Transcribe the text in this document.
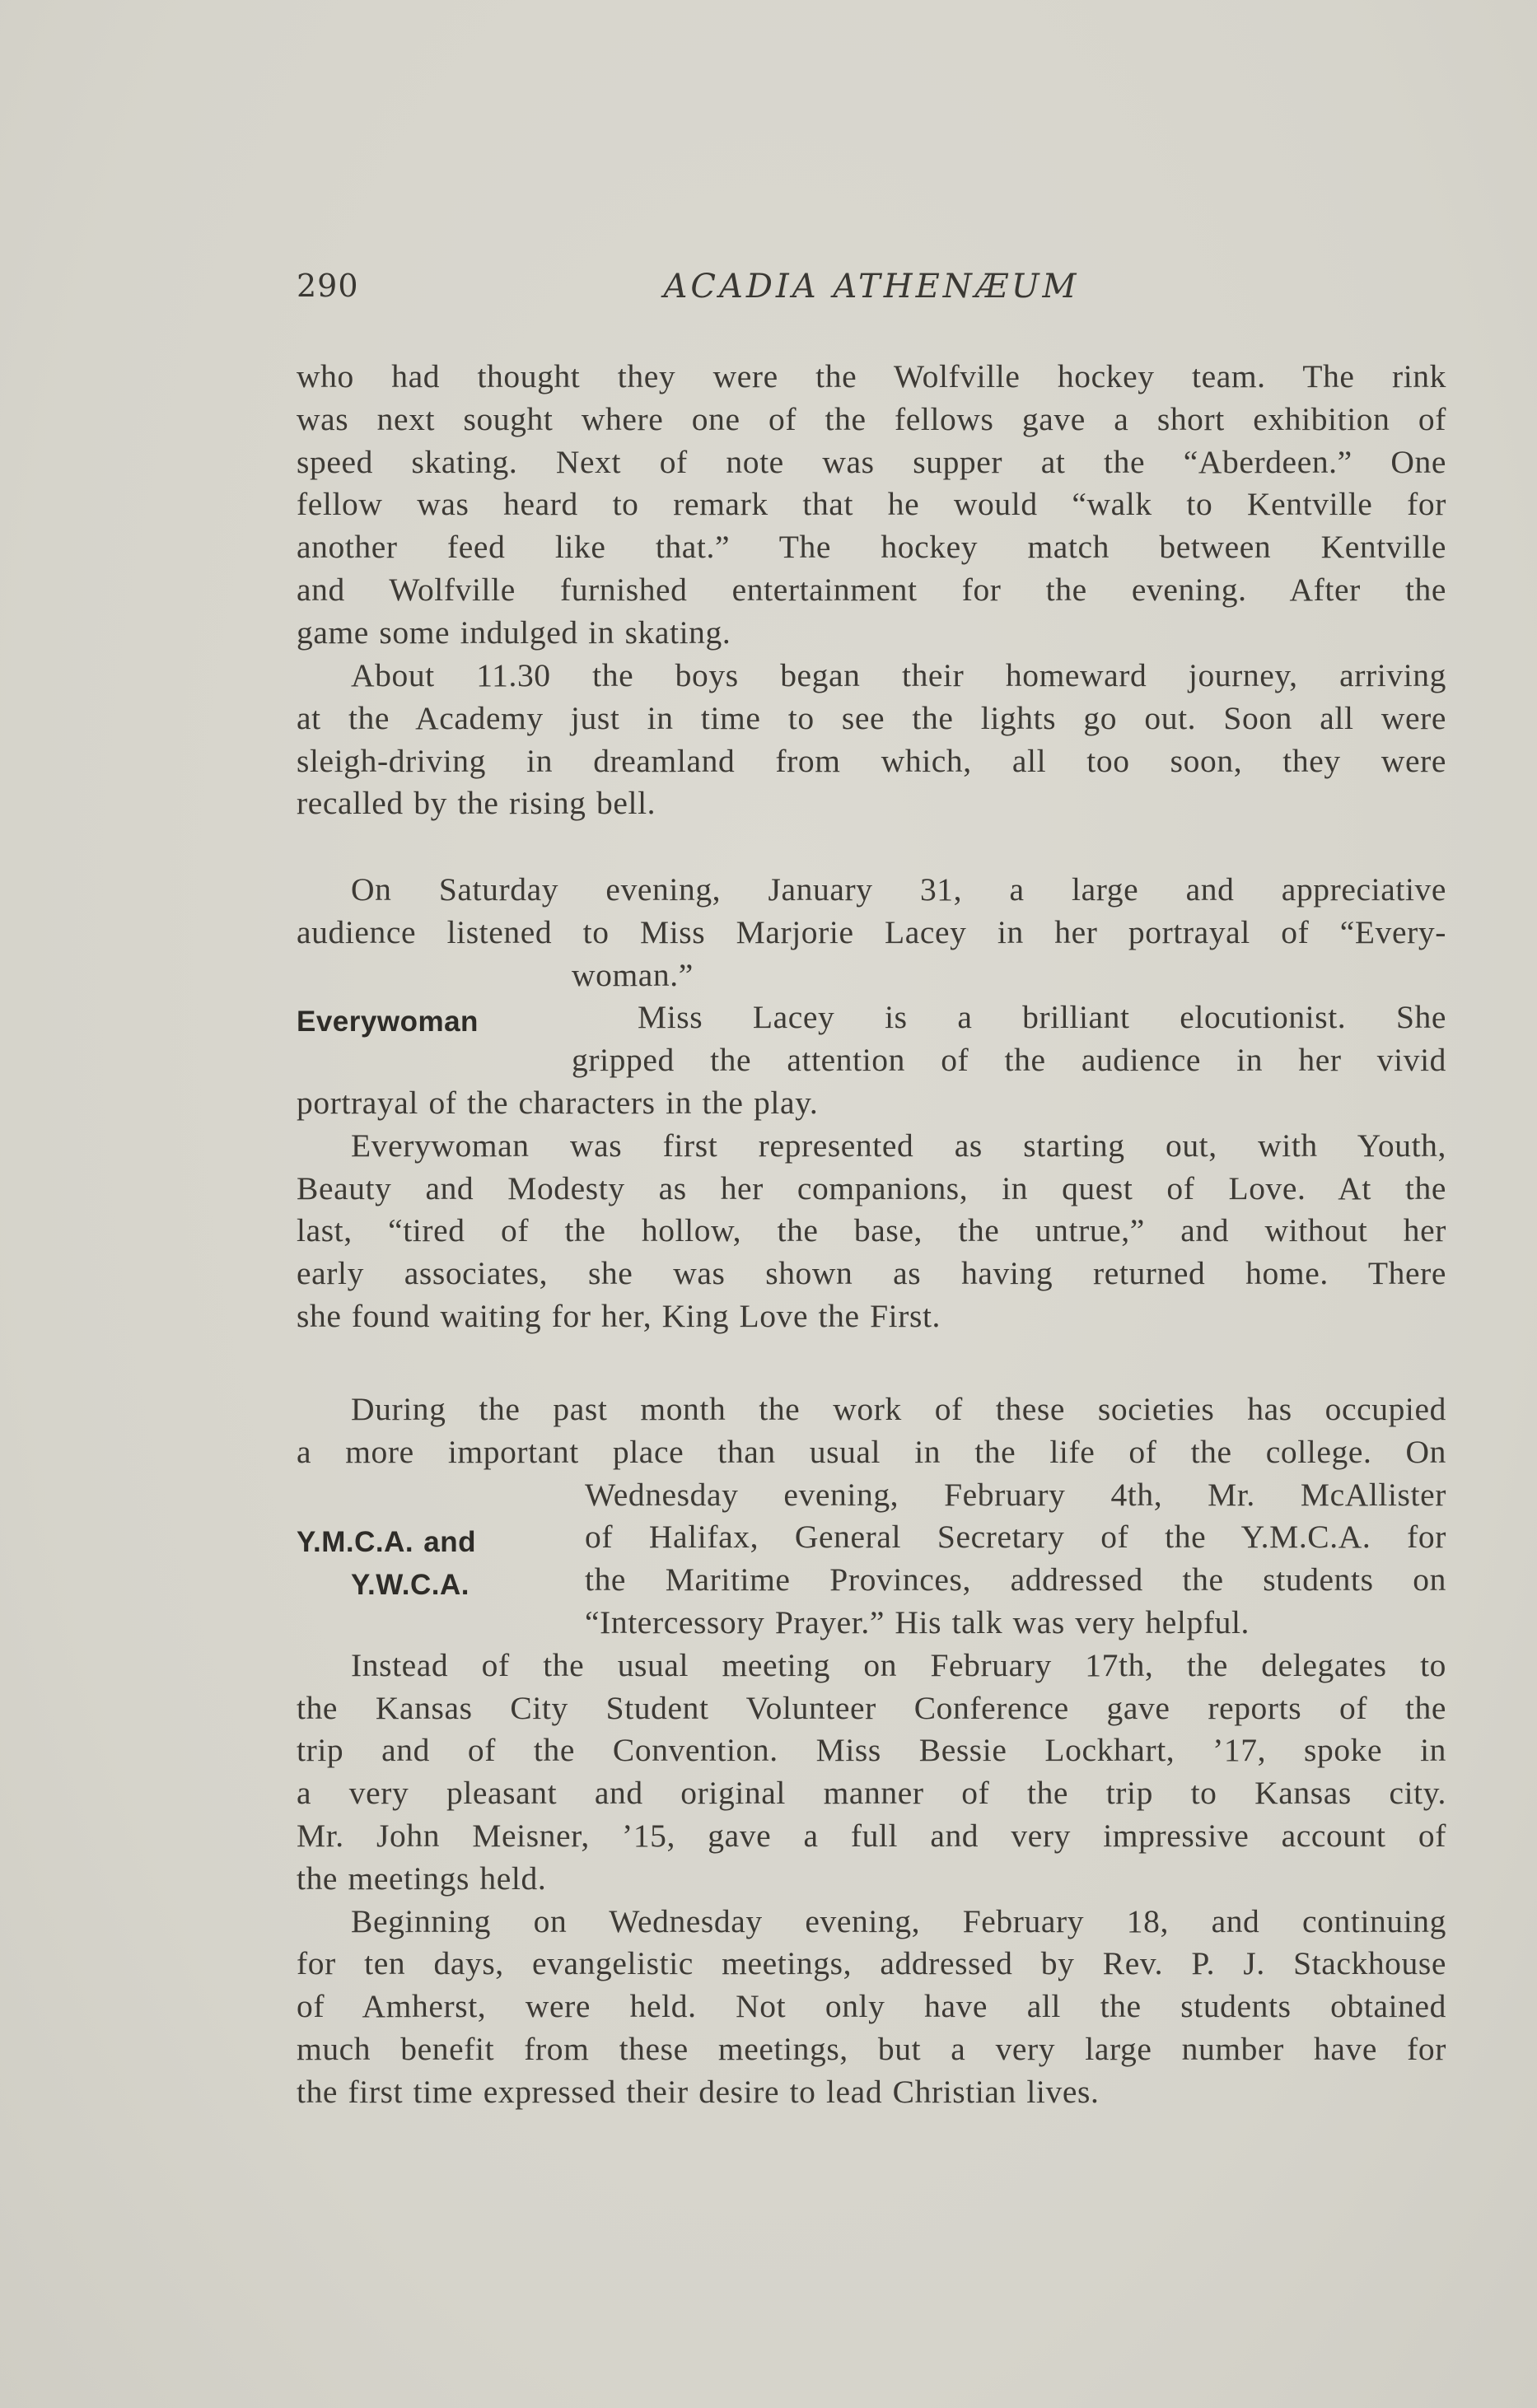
290	ACADIA ATHENÆUM
who had thought they were the Wolfville hockey team. The rink
was next sought where one of the fellows gave a short exhibition of
speed skating. Next of note was supper at the “Aberdeen.” One
fellow was heard to remark that he would “walk to Kentville for
another feed like that.” The hockey match between Kentville
and Wolfville furnished entertainment for the evening. After the
game some indulged in skating.
About 11.30 the boys began their homeward journey, arriving
at the Academy just in time to see the lights go out. Soon all were
sleigh-driving in dreamland from which, all too soon, they were
recalled by the rising bell.
On Saturday evening, January 31, a large and appreciative
audience listened to Miss Marjorie Lacey in her portrayal of “Every-
woman.”
Miss Lacey is a brilliant elocutionist. She
gripped the attention of the audience in her vivid
Everywoman
portrayal of the characters in the play.
Everywoman was first represented as starting out, with Youth,
Beauty and Modesty as her companions, in quest of Love. At the
last, “tired of the hollow, the base, the untrue,” and without her
early associates, she was shown as having returned home. There
she found waiting for her, King Love the First.
During the past month the work of these societies has occupied
a more important place than usual in the life of the college. On
Wednesday evening, February 4th, Mr. McAllister
of Halifax, General Secretary of the Y.M.C.A. for
the Maritime Provinces, addressed the students on
“Intercessory Prayer.” His talk was very helpful.
Y.M.C.A. and
Y.W.C.A.
Instead of the usual meeting on February 17th, the delegates to
the Kansas City Student Volunteer Conference gave reports of the
trip and of the Convention. Miss Bessie Lockhart, ’17, spoke in
a very pleasant and original manner of the trip to Kansas city.
Mr. John Meisner, ’15, gave a full and very impressive account of
the meetings held.
Beginning on Wednesday evening, February 18, and continuing
for ten days, evangelistic meetings, addressed by Rev. P. J. Stackhouse
of Amherst, were held. Not only have all the students obtained
much benefit from these meetings, but a very large number have for
the first time expressed their desire to lead Christian lives.
